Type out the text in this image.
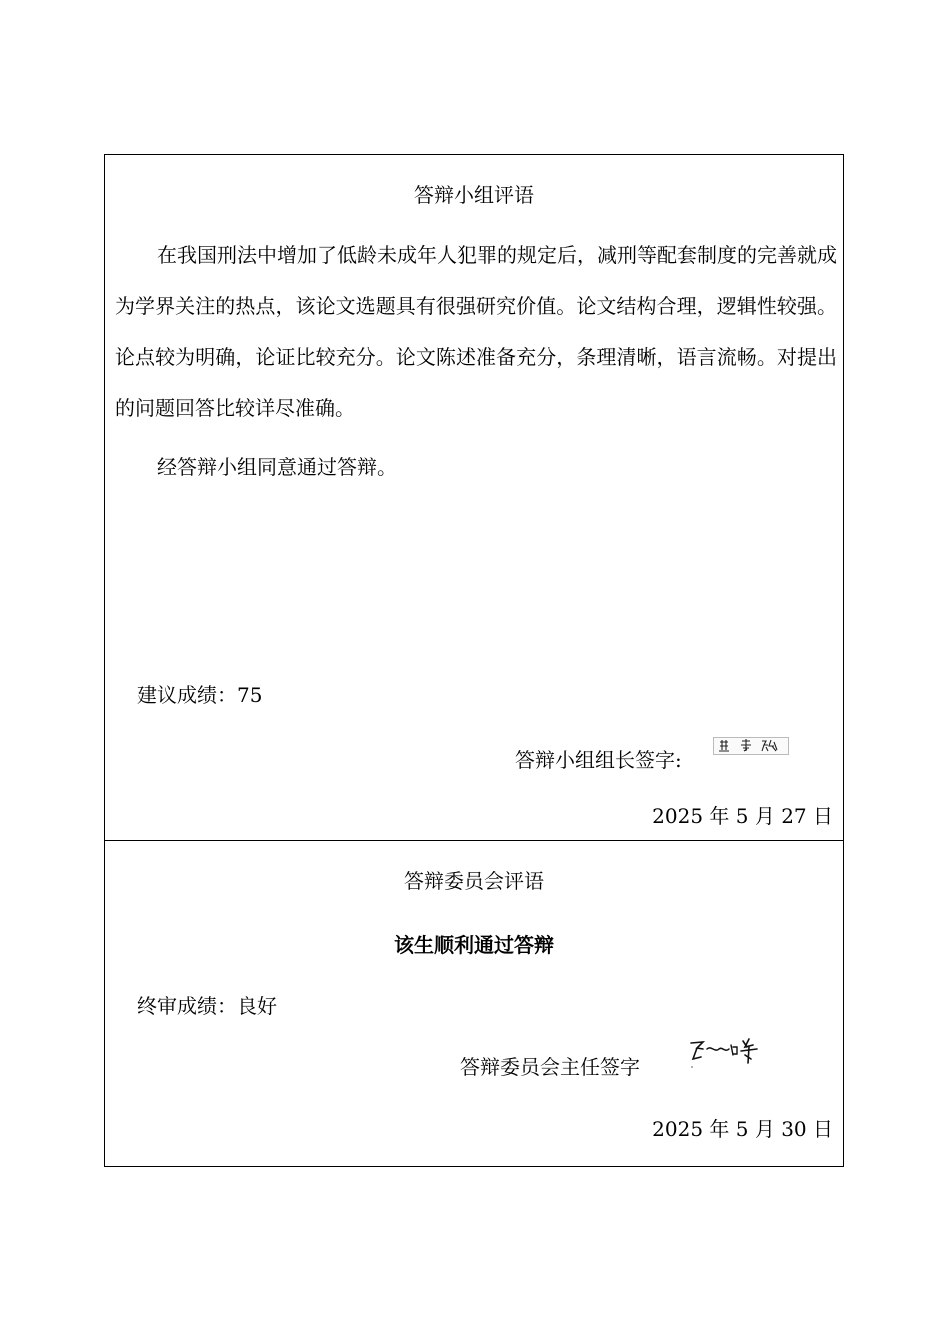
答辩小组评语
在我国刑法中增加了低龄未成年人犯罪的规定后，减刑等配套制度的完善就成为学界关注的热点，该论文选题具有很强研究价值。论文结构合理，逻辑性较强。论点较为明确，论证比较充分。论文陈述准备充分，条理清晰，语言流畅。对提出的问题回答比较详尽准确。
经答辩小组同意通过答辩。
建议成绩：75
答辩小组组长签字:
2025 年 5 月 27 日
答辩委员会评语
该生顺利通过答辩
终审成绩：良好
答辩委员会主任签字
2025 年 5 月 30 日
